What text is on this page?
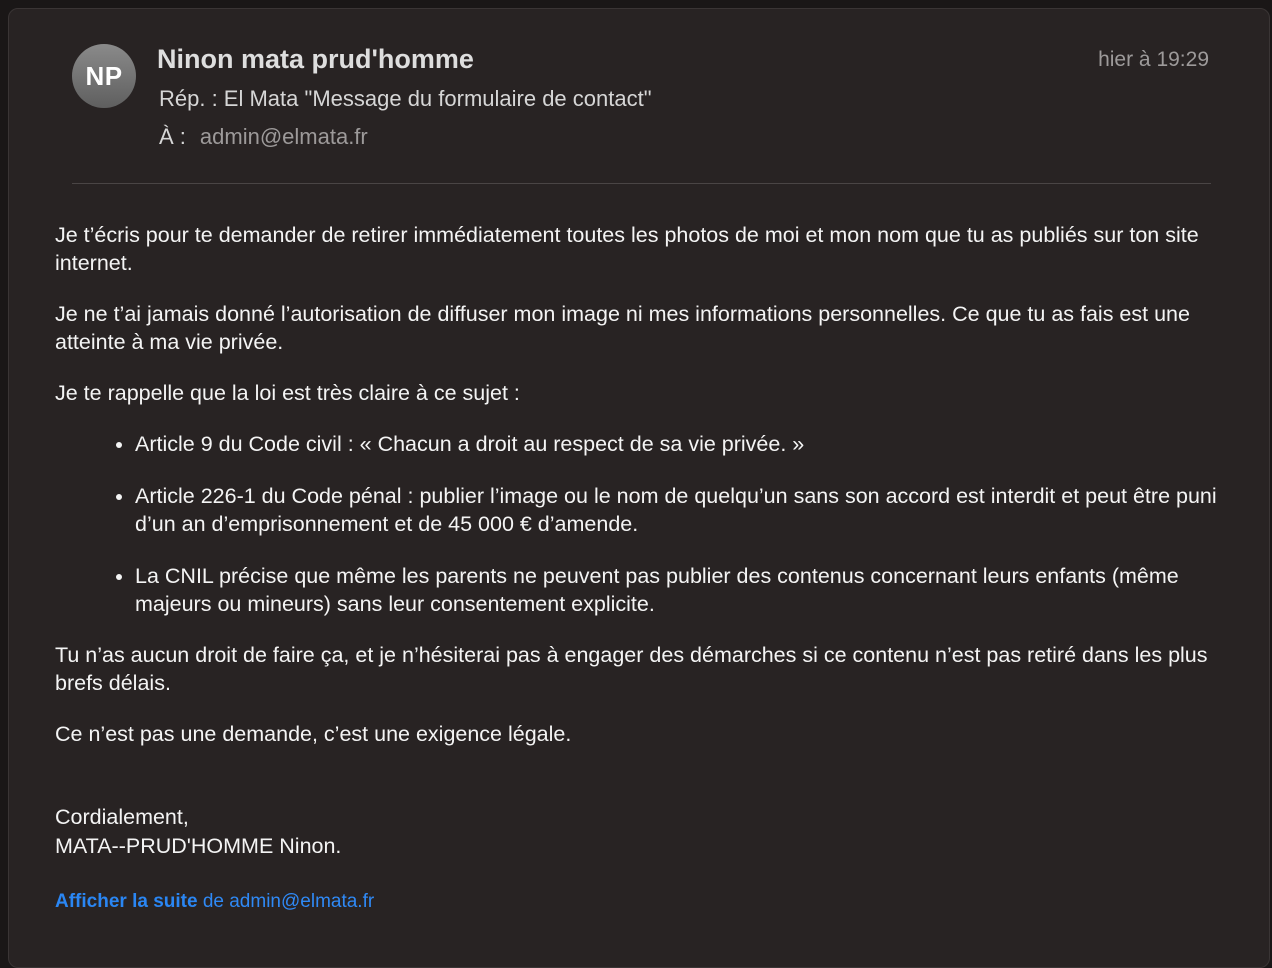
NP
Ninon mata prud'homme	hier à 19:29
Rép. : El Mata "Message du formulaire de contact"
À : admin@elmata.fr

Je t’écris pour te demander de retirer immédiatement toutes les photos de moi et mon nom que tu as publiés sur ton site internet.

Je ne t’ai jamais donné l’autorisation de diffuser mon image ni mes informations personnelles. Ce que tu as fais est une atteinte à ma vie privée.

Je te rappelle que la loi est très claire à ce sujet :

• Article 9 du Code civil : « Chacun a droit au respect de sa vie privée. »
• Article 226-1 du Code pénal : publier l’image ou le nom de quelqu’un sans son accord est interdit et peut être puni d’un an d’emprisonnement et de 45 000 € d’amende.
• La CNIL précise que même les parents ne peuvent pas publier des contenus concernant leurs enfants (même majeurs ou mineurs) sans leur consentement explicite.

Tu n’as aucun droit de faire ça, et je n’hésiterai pas à engager des démarches si ce contenu n’est pas retiré dans les plus brefs délais.

Ce n’est pas une demande, c’est une exigence légale.

Cordialement,
MATA--PRUD'HOMME Ninon.
Afficher la suite de admin@elmata.fr
